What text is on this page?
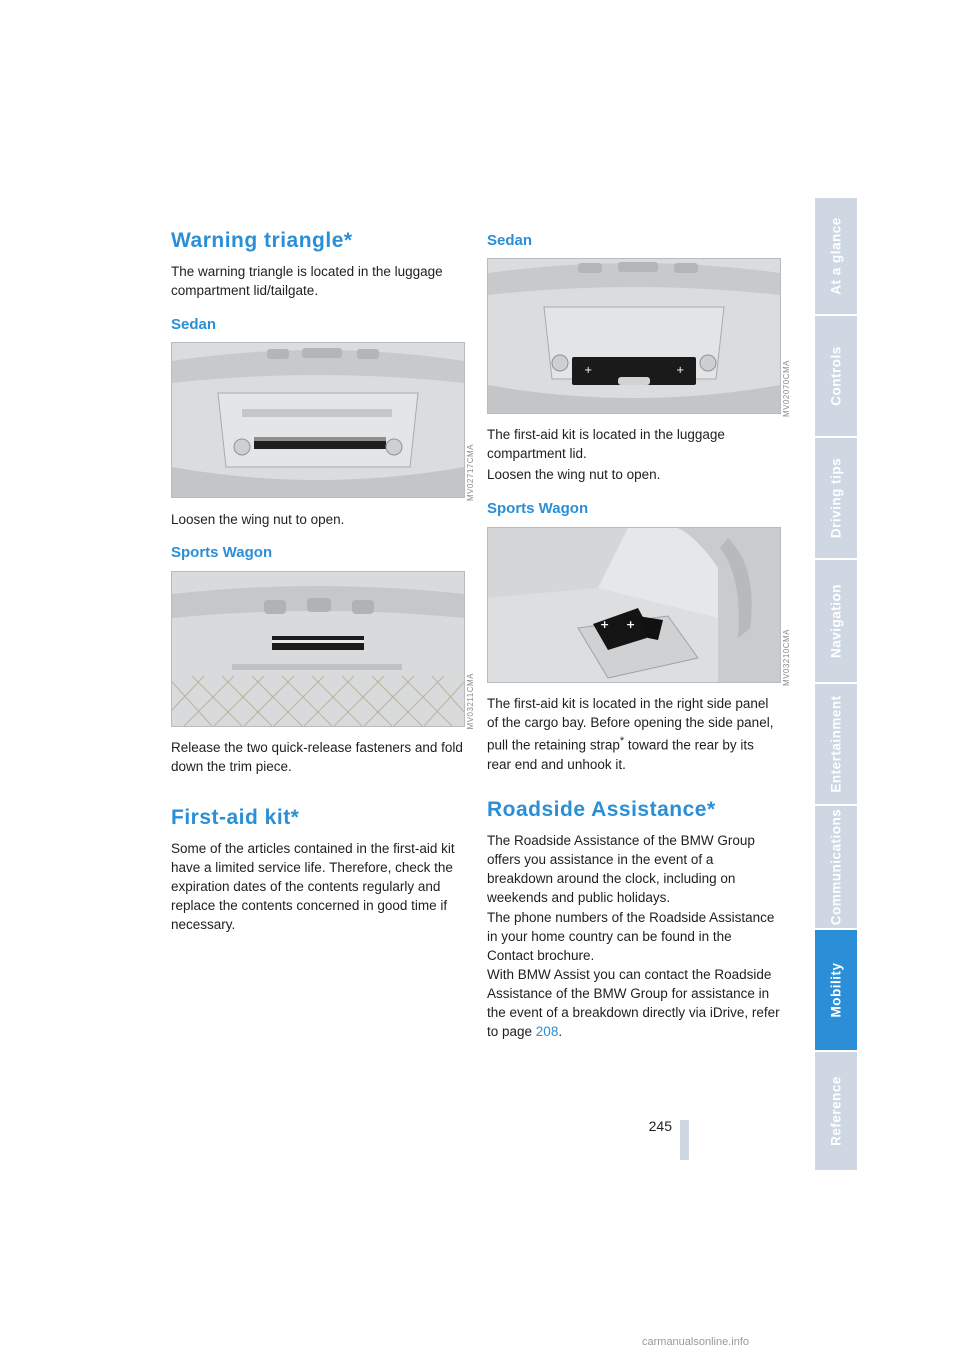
At a glance
Controls
Driving tips
Navigation
Entertainment
Communications
Mobility
Reference
Warning triangle*

The warning triangle is located in the luggage compartment lid/tailgate.

Sedan
MV02717CMA

Loosen the wing nut to open.

Sports Wagon
MV03211CMA

Release the two quick-release fasteners and fold down the trim piece.

First-aid kit*

Some of the articles contained in the first-aid kit have a limited service life. Therefore, check the expiration dates of the contents regularly and replace the contents concerned in good time if necessary.

Sedan
+	+	MV02070CMA

The first-aid kit is located in the luggage compartment lid.

Loosen the wing nut to open.

Sports Wagon
+ +
MV03210CMA

The first-aid kit is located in the right side panel of the cargo bay. Before opening the side panel, pull the retaining strap* toward the rear by its rear end and unhook it.

Roadside Assistance*

The Roadside Assistance of the BMW Group offers you assistance in the event of a breakdown around the clock, including on weekends and public holidays.

The phone numbers of the Roadside Assistance in your home country can be found in the Contact brochure.

With BMW Assist you can contact the Roadside Assistance of the BMW Group for assistance in the event of a breakdown directly via iDrive, refer to page 208.

245
carmanualsonline.info
